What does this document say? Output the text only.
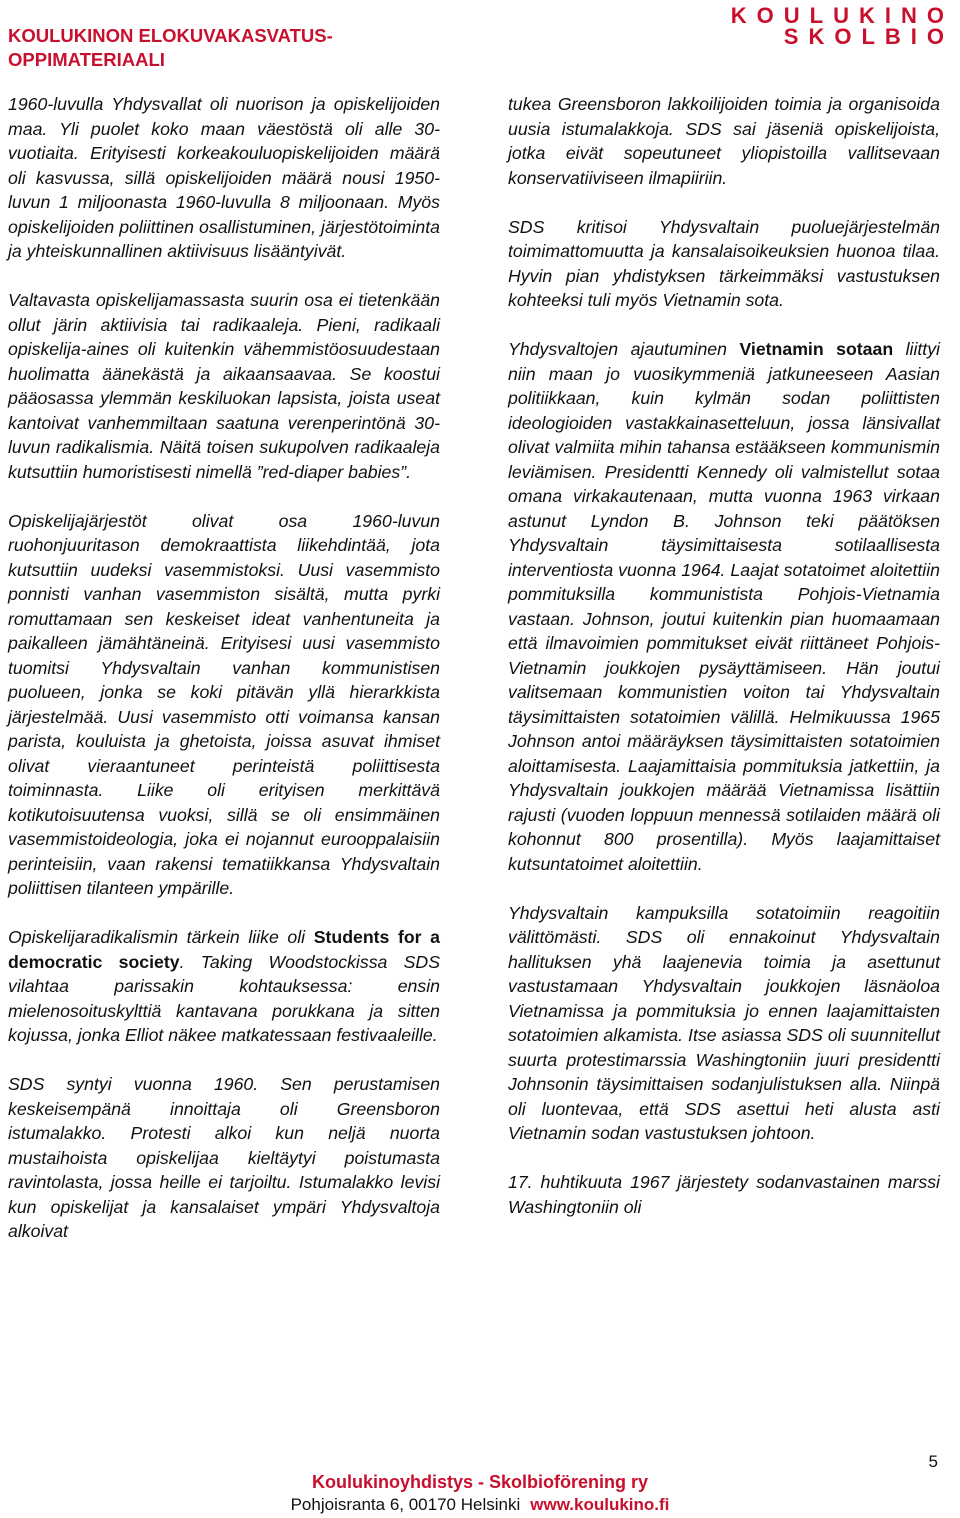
KOULUKINON ELOKUVAKASVATUS-
OPPIMATERIAALI
KOULUKINO
SKOLBIO

1960-luvulla Yhdysvallat oli nuorison ja opiskelijoiden maa. Yli puolet koko maan väestöstä oli alle 30-vuotiaita. Erityisesti korkeakouluopiskelijoiden määrä oli kasvussa, sillä opiskelijoiden määrä nousi 1950-luvun 1 miljoonasta 1960-luvulla 8 miljoonaan. Myös opiskelijoiden poliittinen osallistuminen, järjestötoiminta ja yhteiskunnallinen aktiivisuus lisääntyivät.

Valtavasta opiskelijamassasta suurin osa ei tietenkään ollut järin aktiivisia tai radikaaleja. Pieni, radikaali opiskelija-aines oli kuitenkin vähemmistöosuudestaan huolimatta äänekästä ja aikaansaavaa. Se koostui pääosassa ylemmän keskiluokan lapsista, joista useat kantoivat vanhemmiltaan saatuna verenperintönä 30-luvun radikalismia. Näitä toisen sukupolven radikaaleja kutsuttiin humoristisesti nimellä ”red-diaper babies”.

Opiskelijajärjestöt olivat osa 1960-luvun ruohonjuuritason demokraattista liikehdintää, jota kutsuttiin uudeksi vasemmistoksi. Uusi vasemmisto ponnisti vanhan vasemmiston sisältä, mutta pyrki romuttamaan sen keskeiset ideat vanhentuneita ja paikalleen jämähtäneinä. Erityisesi uusi vasemmisto tuomitsi Yhdysvaltain vanhan kommunistisen puolueen, jonka se koki pitävän yllä hierarkkista järjestelmää. Uusi vasemmisto otti voimansa kansan parista, kouluista ja ghetoista, joissa asuvat ihmiset olivat vieraantuneet perinteistä poliittisesta toiminnasta. Liike oli erityisen merkittävä kotikutoisuutensa vuoksi, sillä se oli ensimmäinen vasemmistoideologia, joka ei nojannut eurooppalaisiin perinteisiin, vaan rakensi tematiikkansa Yhdysvaltain poliittisen tilanteen ympärille.

Opiskelijaradikalismin tärkein liike oli Students for a democratic society. Taking Woodstockissa SDS vilahtaa parissakin kohtauksessa: ensin mielenosoituskylttiä kantavana porukkana ja sitten kojussa, jonka Elliot näkee matkatessaan festivaaleille.

SDS syntyi vuonna 1960. Sen perustamisen keskeisempänä innoittaja oli Greensboron istumalakko. Protesti alkoi kun neljä nuorta mustaihoista opiskelijaa kieltäytyi poistumasta ravintolasta, jossa heille ei tarjoiltu. Istumalakko levisi kun opiskelijat ja kansalaiset ympäri Yhdysvaltoja alkoivat

tukea Greensboron lakkoilijoiden toimia ja organisoida uusia istumalakkoja. SDS sai jäseniä opiskelijoista, jotka eivät sopeutuneet yliopistoilla vallitsevaan konservatiiviseen ilmapiiriin.

SDS kritisoi Yhdysvaltain puoluejärjestelmän toimimattomuutta ja kansalaisoikeuksien huonoa tilaa. Hyvin pian yhdistyksen tärkeimmäksi vastustuksen kohteeksi tuli myös Vietnamin sota.

Yhdysvaltojen ajautuminen Vietnamin sotaan liittyi niin maan jo vuosikymmeniä jatkuneeseen Aasian politiikkaan, kuin kylmän sodan poliittisten ideologioiden vastakkainasetteluun, jossa länsivallat olivat valmiita mihin tahansa estääkseen kommunismin leviämisen. Presidentti Kennedy oli valmistellut sotaa omana virkakautenaan, mutta vuonna 1963 virkaan astunut Lyndon B. Johnson teki päätöksen Yhdysvaltain täysimittaisesta sotilaallisesta interventiosta vuonna 1964. Laajat sotatoimet aloitettiin pommituksilla kommunistista Pohjois-Vietnamia vastaan. Johnson, joutui kuitenkin pian huomaamaan että ilmavoimien pommitukset eivät riittäneet Pohjois-Vietnamin joukkojen pysäyttämiseen. Hän joutui valitsemaan kommunistien voiton tai Yhdysvaltain täysimittaisten sotatoimien välillä. Helmikuussa 1965 Johnson antoi määräyksen täysimittaisten sotatoimien aloittamisesta. Laajamittaisia pommituksia jatkettiin, ja Yhdysvaltain joukkojen määrää Vietnamissa lisättiin rajusti (vuoden loppuun mennessä sotilaiden määrä oli kohonnut 800 prosentilla). Myös laajamittaiset kutsuntatoimet aloitettiin.

Yhdysvaltain kampuksilla sotatoimiin reagoitiin välittömästi. SDS oli ennakoinut Yhdysvaltain hallituksen yhä laajenevia toimia ja asettunut vastustamaan Yhdysvaltain joukkojen läsnäoloa Vietnamissa ja pommituksia jo ennen laajamittaisten sotatoimien alkamista. Itse asiassa SDS oli suunnitellut suurta protestimarssia Washingtoniin juuri presidentti Johnsonin täysimittaisen sodanjulistuksen alla. Niinpä oli luontevaa, että SDS asettui heti alusta asti Vietnamin sodan vastustuksen johtoon.

17. huhtikuuta 1967 järjestety sodanvastainen marssi Washingtoniin oli

5
Koulukinoyhdistys - Skolbioförening ry
Pohjoisranta 6, 00170 Helsinki www.koulukino.fi
